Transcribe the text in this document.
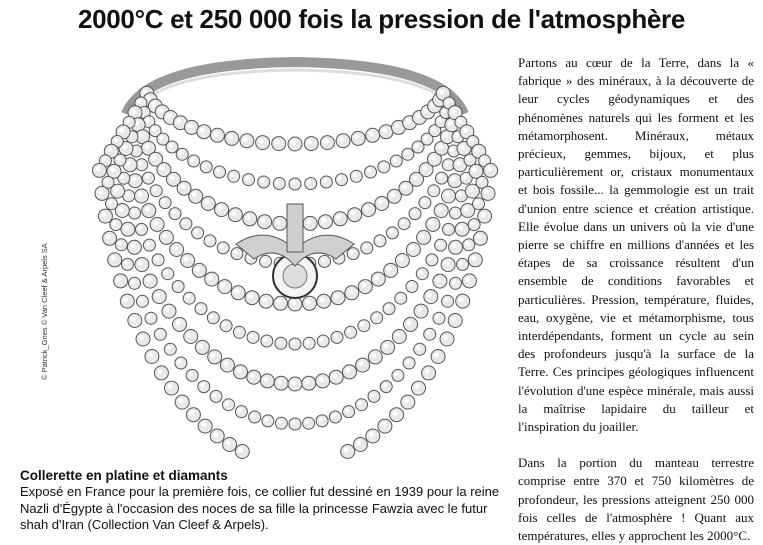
2000°C et 250 000 fois la pression de l'atmosphère
© Patrick_Gries © Van Cleef & Arpels SA

Collerette en platine et diamants

Exposé en France pour la première fois, ce collier fut dessiné en 1939 pour la reine Nazli d'Égypte à l'occasion des noces de sa fille la princesse Fawzia avec le futur shah d'Iran (Collection Van Cleef & Arpels).

Partons au cœur de la Terre, dans la « fabrique » des minéraux, à la découverte de leur cycles géodynamiques et des phénomènes naturels qui les forment et les métamorphosent. Minéraux, métaux précieux, gemmes, bijoux, et plus particulièrement or, cristaux monumentaux et bois fossile... la gemmologie est un trait d'union entre science et création artistique. Elle évolue dans un univers où la vie d'une pierre se chiffre en millions d'années et les étapes de sa croissance résultent d'un ensemble de conditions favorables et particulières. Pression, température, fluides, eau, oxygène, vie et métamorphisme, tous interdépendants, forment un cycle au sein des profondeurs jusqu'à la surface de la Terre. Ces principes géologiques influencent l'évolution d'une espèce minérale, mais aussi la maîtrise lapidaire du tailleur et l'inspiration du joailler.

Dans la portion du manteau terrestre comprise entre 370 et 750 kilomètres de profondeur, les pressions atteignent 250 000 fois celles de l'atmosphère ! Quant aux températures, elles y approchent les 2000°C.
